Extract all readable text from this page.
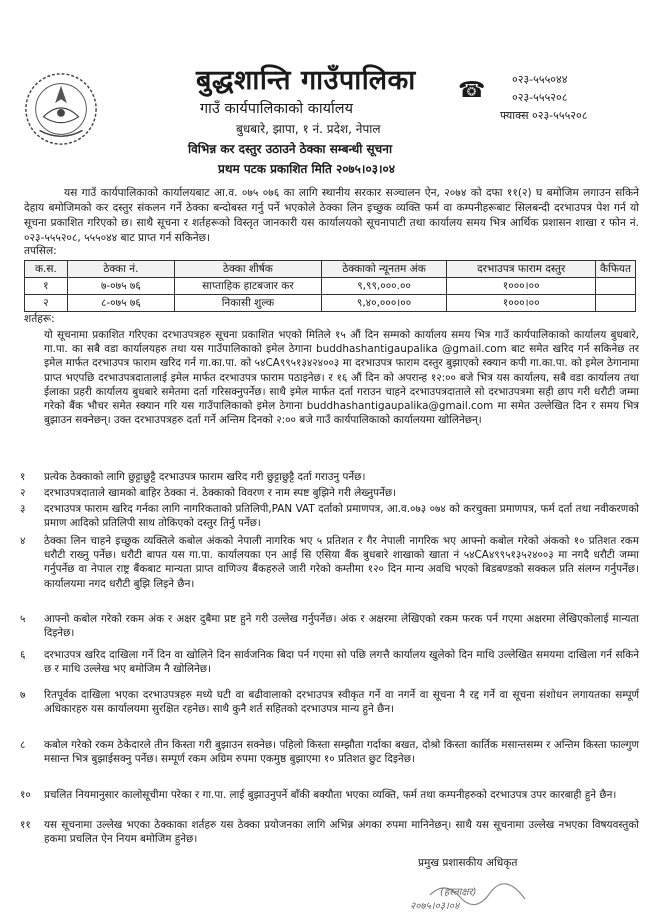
बुद्धशान्ति गाउँपालिका
गाउँ कार्यपालिकाको कार्यालय
बुधबारे, झापा, १ नं. प्रदेश, नेपाल
विभिन्न कर दस्तुर उठाउने ठेक्का सम्बन्धी सूचना
प्रथम पटक प्रकाशित मिति २०७५।०३।०४
☎ ०२३-५५५०४४
०२३-५५५२०८
फ्याक्स ०२३-५५५२०८
यस गाउँ कार्यपालिकाको कार्यालयबाट आ.व. ०७५ ०७६ का लागि स्थानीय सरकार सञ्चालन ऐन, २०७४ को दफा ११(२) घ बमोजिम लगाउन सकिने देहाय बमोजिमको कर दस्तुर संकलन गर्ने ठेक्का बन्दोबस्त गर्नु पर्ने भएकोले ठेक्का लिन इच्छुक व्यक्ति फर्म वा कम्पनीहरूबाट सिलबन्दी दरभाउपत्र पेश गर्न यो सूचना प्रकाशित गरिएको छ। साथै सूचना र शर्तहरूको विस्तृत जानकारी यस कार्यालयको सूचनापाटी तथा कार्यालय समय भित्र आर्थिक प्रशासन शाखा र फोन नं. ०२३-५५५२०८, ५५५०४४ बाट प्राप्त गर्न सकिनेछ।
तपसिल:
क.स.	ठेक्का नं.	ठेक्का शीर्षक	ठेक्काको न्यूनतम अंक	दरभाउपत्र फाराम दस्तुर	कैफियत
१	७-०७५ ७६	साप्ताहिक हाटबजार कर	९,९९,०००.००	१०००।००	
२	८-०७५ ७६	निकासी शुल्क	९,४०,०००।००	१०००।००	
शर्तहरू:
यो सूचनामा प्रकाशित गरिएका दरभाउपत्रहरु सूचना प्रकाशित भएको मितिले १५ औं दिन सम्मको कार्यालय समय भित्र गाउँ कार्यपालिकाको कार्यालय बुधबारे, गा.पा. का सबै वडा कार्यालयहरु तथा यस गाउँपालिकाको इमेल ठेगाना buddhashantigaupalika @gmail.com बाट समेत खरिद गर्न सकिनेछ तर इमेल मार्फत दरभाउपत्र फाराम खरिद गर्न गा.का.पा. को ५४CA९९५१३४२४००३ मा दरभाउपत्र फाराम दस्तुर बुझाएको स्क्यान कपी गा.का.पा. को इमेल ठेगानामा प्राप्त भएपछि दरभाउपत्रदातालाई इमेल मार्फत दरभाउपत्र फाराम पठाइनेछ। र १६ औं दिन को अपरान्ह १२:०० बजे भित्र यस कार्यालय, सबै वडा कार्यालय तथा ईलाका प्रहरी कार्यालय बुधबारे समेतमा दर्ता गरिसक्नुपर्नेछ। साथै इमेल मार्फत दर्ता गराउन चाहने दरभाउपत्रदाताले सो दरभाउपत्रमा सही छाप गरी धरौटी जम्मा गरेको बैंक भौचर समेत स्क्यान गरि यस गाउँपालिकाको इमेल ठेगाना buddhashantigaupalika@gmail.com मा समेत उल्लेखित दिन र समय भित्र बुझाउन सक्नेछन्। उक्त दरभाउपत्रहरु दर्ता गर्ने अन्तिम दिनको २:०० बजे गाउँ कार्यपालिकाको कार्यालयमा खोलिनेछन्।
१	प्रत्येक ठेक्काको लागि छुट्टाछुट्टै दरभाउपत्र फाराम खरिद गरी छुट्टाछुट्टै दर्ता गराउनु पर्नेछ।
२	दरभाउपत्रदाताले खामको बाहिर ठेक्का नं. ठेक्काको विवरण र नाम स्पष्ट बुझिने गरी लेख्नुपर्नेछ।
३	दरभाउपत्र फाराम खरिद गर्नका लागि नागरिकताको प्रतिलिपी,PAN VAT दर्ताको प्रमाणपत्र, आ.व.०७३ ०७४ को करचुक्ता प्रमाणपत्र, फर्म दर्ता तथा नवीकरणको प्रमाण आदिको प्रतिलिपी साथ तोकिएको दस्तुर तिर्नु पर्नेछ।
४	ठेक्का लिन चाहने इच्छुक व्यक्तिले कबोल अंकको नेपाली नागरिक भए ५ प्रतिशत र गैर नेपाली नागरिक भए आफ्नो कबोल गरेको अंकको १० प्रतिशत रकम धरौटी राख्नु पर्नेछ। धरौटी बापत यस गा.पा. कार्यालयका एन आई सि एसिया बैंक बुधबारे शाखाको खाता नं ५४CA४९९५१३५२४००३ मा नगदै धरौटी जम्मा गर्नुपर्नेछ वा नेपाल राष्ट्र बैंकबाट मान्यता प्राप्त वाणिज्य बैंकहरुले जारी गरेको कम्तीमा १२० दिन मान्य अवधि भएको बिडबण्डको सक्कल प्रति संलग्न गर्नुपर्नेछ। कार्यालयमा नगद धरौटी बुझि लिइने छैन।
५	आफ्नो कबोल गरेको रकम अंक र अक्षर दुबैमा प्रष्ट हुने गरी उल्लेख गर्नुपर्नेछ। अंक र अक्षरमा लेखिएको रकम फरक पर्न गएमा अक्षरमा लेखिएकोलाई मान्यता दिइनेछ।
६	दरभाउपत्र खरिद दाखिला गर्ने दिन वा खोलिने दिन सार्वजनिक बिदा पर्न गएमा सो पछि लगत्तै कार्यालय खुलेको दिन माथि उल्लेखित समयमा दाखिला गर्न सकिने छ र माथि उल्लेख भए बमोजिम नै खोलिनेछ।
७	रितपूर्वक दाखिला भएका दरभाउपत्रहरु मध्ये घटी वा बढीवालाको दरभाउपत्र स्वीकृत गर्ने वा नगर्ने वा सूचना नै रद्द गर्ने वा सूचना संशोधन लगायतका सम्पूर्ण अधिकारहरु यस कार्यालयमा सुरक्षित रहनेछ। साथै कुनै शर्त सहितको दरभाउपत्र मान्य हुने छैन।
८	कबोल गरेको रकम ठेकेदारले तीन किस्ता गरी बुझाउन सक्नेछ। पहिलो किस्ता सम्झौता गर्दाका बखत, दोश्रो किस्ता कार्तिक मसान्तसम्म र अन्तिम किस्ता फाल्गुण मसान्त भित्र बुझाईसक्नु पर्नेछ। सम्पूर्ण रकम अग्रिम रुपमा एकमुष्ठ बुझाएमा १० प्रतिशत छुट दिइनेछ।
१०	प्रचलित नियमानुसार कालोसूचीमा परेका र गा.पा. लाई बुझाउनुपर्ने बाँकी बक्यौता भएका व्यक्ति, फर्म तथा कम्पनीहरुको दरभाउपत्र उपर कारबाही हुने छैन।
११	यस सूचनामा उल्लेख भएका ठेक्काका शर्तहरु यस ठेक्का प्रयोजनका लागि अभिन्न अंगका रुपमा मानिनेछन्। साथै यस सूचनामा उल्लेख नभएका विषयवस्तुको हकमा प्रचलित ऐन नियम बमोजिम हुनेछ।
प्रमुख प्रशासकीय अधिकृत
(हस्ताक्षर)
२०७५।०३।०४
